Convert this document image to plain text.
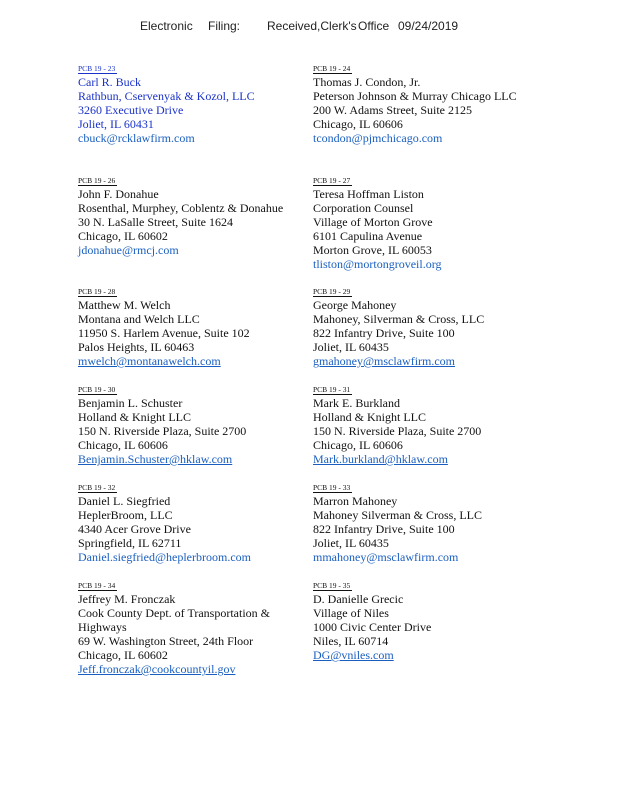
Electronic Filing: Received,Clerk's Office 09/24/2019
PCB 19 - 23
Carl R. Buck
Rathbun, Cservenyak & Kozol, LLC
3260 Executive Drive
Joliet, IL 60431
cbuck@rcklawfirm.com
PCB 19 - 24
Thomas J. Condon, Jr.
Peterson Johnson & Murray Chicago LLC
200 W. Adams Street, Suite 2125
Chicago, IL 60606
tcondon@pjmchicago.com
PCB 19 - 26
John F. Donahue
Rosenthal, Murphey, Coblentz & Donahue
30 N. LaSalle Street, Suite 1624
Chicago, IL 60602
jdonahue@rmcj.com
PCB 19 - 27
Teresa Hoffman Liston
Corporation Counsel
Village of Morton Grove
6101 Capulina Avenue
Morton Grove, IL 60053
tliston@mortongroveil.org
PCB 19 - 28
Matthew M. Welch
Montana and Welch LLC
11950 S. Harlem Avenue, Suite 102
Palos Heights, IL 60463
mwelch@montanawelch.com
PCB 19 - 29
George Mahoney
Mahoney, Silverman & Cross, LLC
822 Infantry Drive, Suite 100
Joliet, IL 60435
gmahoney@msclawfirm.com
PCB 19 - 30
Benjamin L. Schuster
Holland & Knight LLC
150 N. Riverside Plaza, Suite 2700
Chicago, IL 60606
Benjamin.Schuster@hklaw.com
PCB 19 - 31
Mark E. Burkland
Holland & Knight LLC
150 N. Riverside Plaza, Suite 2700
Chicago, IL 60606
Mark.burkland@hklaw.com
PCB 19 - 32
Daniel L. Siegfried
HeplerBroom, LLC
4340 Acer Grove Drive
Springfield, IL 62711
Daniel.siegfried@heplerbroom.com
PCB 19 - 33
Marron Mahoney
Mahoney Silverman & Cross, LLC
822 Infantry Drive, Suite 100
Joliet, IL 60435
mmahoney@msclawfirm.com
PCB 19 - 34
Jeffrey M. Fronczak
Cook County Dept. of Transportation &
Highways
69 W. Washington Street, 24th Floor
Chicago, IL 60602
Jeff.fronczak@cookcountyil.gov
PCB 19 - 35
D. Danielle Grecic
Village of Niles
1000 Civic Center Drive
Niles, IL 60714
DG@vniles.com
